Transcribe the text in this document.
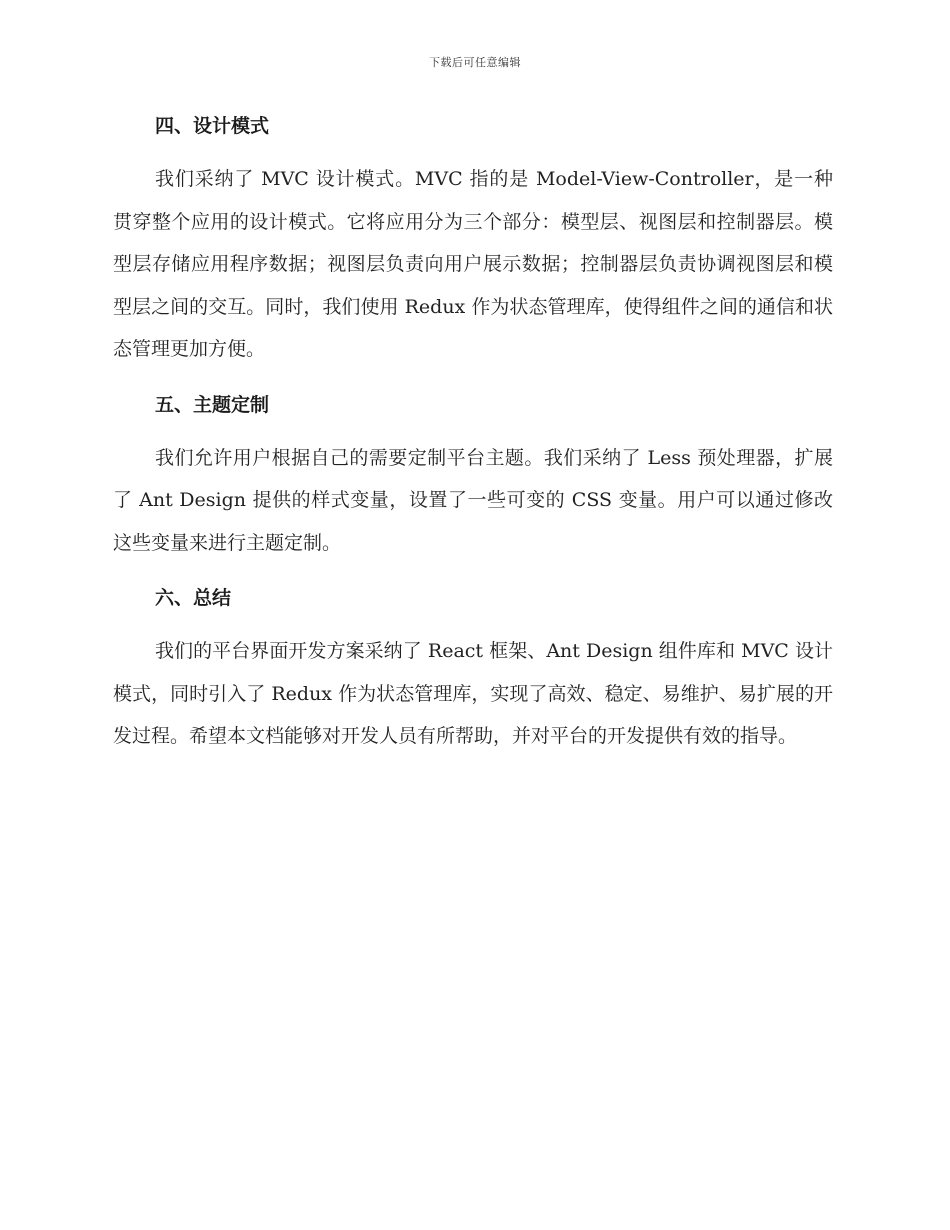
下载后可任意编辑
四、设计模式

我们采纳了 MVC 设计模式。MVC 指的是 Model-View-Controller，是一种贯穿整个应用的设计模式。它将应用分为三个部分：模型层、视图层和控制器层。模型层存储应用程序数据；视图层负责向用户展示数据；控制器层负责协调视图层和模型层之间的交互。同时，我们使用 Redux 作为状态管理库，使得组件之间的通信和状态管理更加方便。

五、主题定制

我们允许用户根据自己的需要定制平台主题。我们采纳了 Less 预处理器，扩展了 Ant Design 提供的样式变量，设置了一些可变的 CSS 变量。用户可以通过修改这些变量来进行主题定制。

六、总结

我们的平台界面开发方案采纳了 React 框架、Ant Design 组件库和 MVC 设计模式，同时引入了 Redux 作为状态管理库，实现了高效、稳定、易维护、易扩展的开发过程。希望本文档能够对开发人员有所帮助，并对平台的开发提供有效的指导。
